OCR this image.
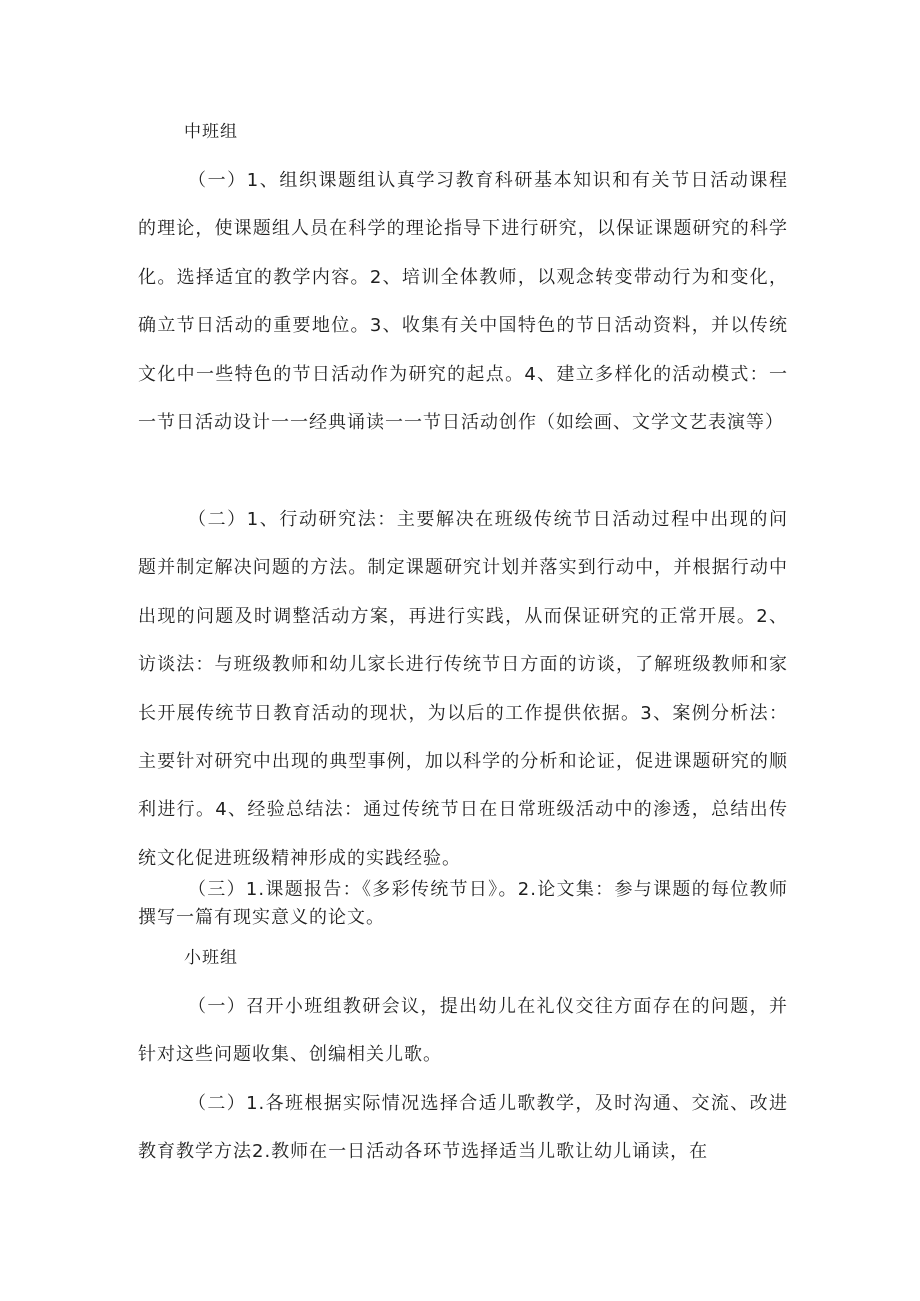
中班组

（一）1、组织课题组认真学习教育科研基本知识和有关节日活动课程的理论，使课题组人员在科学的理论指导下进行研究，以保证课题研究的科学化。选择适宜的教学内容。2、培训全体教师，以观念转变带动行为和变化，确立节日活动的重要地位。3、收集有关中国特色的节日活动资料，并以传统文化中一些特色的节日活动作为研究的起点。4、建立多样化的活动模式：一一节日活动设计一一经典诵读一一节日活动创作（如绘画、文学文艺表演等）

（二）1、行动研究法：主要解决在班级传统节日活动过程中出现的问题并制定解决问题的方法。制定课题研究计划并落实到行动中，并根据行动中出现的问题及时调整活动方案，再进行实践，从而保证研究的正常开展。2、访谈法：与班级教师和幼儿家长进行传统节日方面的访谈，了解班级教师和家长开展传统节日教育活动的现状，为以后的工作提供依据。3、案例分析法：主要针对研究中出现的典型事例，加以科学的分析和论证，促进课题研究的顺利进行。4、经验总结法：通过传统节日在日常班级活动中的渗透，总结出传统文化促进班级精神形成的实践经验。

（三）1.课题报告：《多彩传统节日》。2.论文集：参与课题的每位教师撰写一篇有现实意义的论文。

小班组

（一）召开小班组教研会议，提出幼儿在礼仪交往方面存在的问题，并针对这些问题收集、创编相关儿歌。

（二）1.各班根据实际情况选择合适儿歌教学，及时沟通、交流、改进教育教学方法2.教师在一日活动各环节选择适当儿歌让幼儿诵读，在
